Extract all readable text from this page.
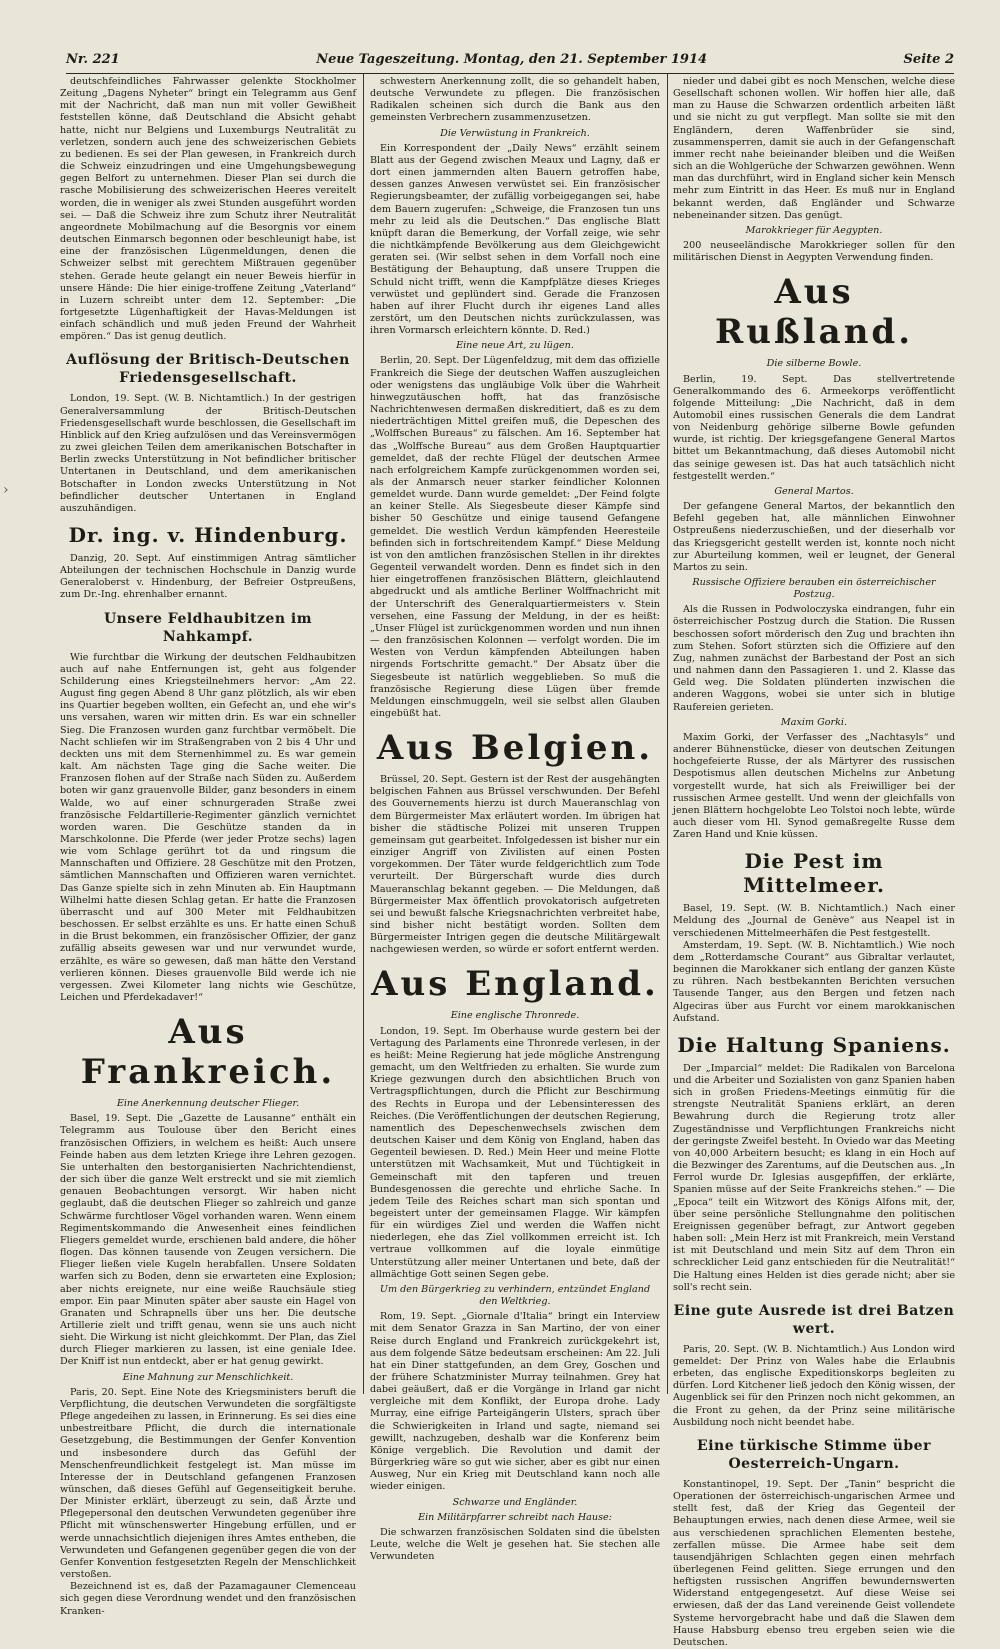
Nr. 221	Neue Tageszeitung. Montag, den 21. September 1914	Seite 2
›

deutschfeindliches Fahrwasser gelenkte Stockholmer Zeitung „Dagens Nyheter“ bringt ein Telegramm aus Genf mit der Nachricht, daß man nun mit voller Gewißheit feststellen könne, daß Deutschland die Absicht gehabt hatte, nicht nur Belgiens und Luxemburgs Neutralität zu verletzen, sondern auch jene des schweizerischen Gebiets zu bedienen. Es sei der Plan gewesen, in Frankreich durch die Schweiz einzudringen und eine Umgehungsbewegung gegen Belfort zu unternehmen. Dieser Plan sei durch die rasche Mobilisierung des schweizerischen Heeres vereitelt worden, die in weniger als zwei Stunden ausgeführt worden sei. — Daß die Schweiz ihre zum Schutz ihrer Neutralität angeordnete Mobilmachung auf die Besorgnis vor einem deutschen Einmarsch begonnen oder beschleunigt habe, ist eine der französischen Lügenmeldungen, denen die Schweizer selbst mit gerechtem Mißtrauen gegenüber stehen. Gerade heute gelangt ein neuer Beweis hierfür in unsere Hände: Die hier einige-troffene Zeitung „Vaterland“ in Luzern schreibt unter dem 12. September: „Die fortgesetzte Lügenhaftigkeit der Havas-Meldungen ist einfach schändlich und muß jeden Freund der Wahrheit empören.“ Das ist genug deutlich.

Auflösung der Britisch-Deutschen Friedensgesellschaft.

London, 19. Sept. (W. B. Nichtamtlich.) In der gestrigen Generalversammlung der Britisch-Deutschen Friedensgesellschaft wurde beschlossen, die Gesellschaft im Hinblick auf den Krieg aufzulösen und das Vereinsvermögen zu zwei gleichen Teilen dem amerikanischen Botschafter in Berlin zwecks Unterstützung in Not befindlicher britischer Untertanen in Deutschland, und dem amerikanischen Botschafter in London zwecks Unterstützung in Not befindlicher deutscher Untertanen in England auszuhändigen.

Dr. ing. v. Hindenburg.

Danzig, 20. Sept. Auf einstimmigen Antrag sämtlicher Abteilungen der technischen Hochschule in Danzig wurde Generaloberst v. Hindenburg, der Befreier Ostpreußens, zum Dr.-Ing. ehrenhalber ernannt.

Unsere Feldhaubitzen im Nahkampf.

Wie furchtbar die Wirkung der deutschen Feldhaubitzen auch auf nahe Entfernungen ist, geht aus folgender Schilderung eines Kriegsteilnehmers hervor: „Am 22. August fing gegen Abend 8 Uhr ganz plötzlich, als wir eben ins Quartier begeben wollten, ein Gefecht an, und ehe wir's uns versahen, waren wir mitten drin. Es war ein schneller Sieg. Die Franzosen wurden ganz furchtbar vermöbelt. Die Nacht schliefen wir im Straßengraben von 2 bis 4 Uhr und deckten uns mit dem Sternenhimmel zu. Es war gemein kalt. Am nächsten Tage ging die Sache weiter. Die Franzosen flohen auf der Straße nach Süden zu. Außerdem boten wir ganz grauenvolle Bilder, ganz besonders in einem Walde, wo auf einer schnurgeraden Straße zwei französische Feldartillerie-Regimenter gänzlich vernichtet worden waren. Die Geschütze standen da in Marschkolonne. Die Pferde (wer jeder Protze sechs) lagen wie vom Schlage gerührt tot da und ringsum die Mannschaften und Offiziere. 28 Geschütze mit den Protzen, sämtlichen Mannschaften und Offizieren waren vernichtet. Das Ganze spielte sich in zehn Minuten ab. Ein Hauptmann Wilhelmi hatte diesen Schlag getan. Er hatte die Franzosen überrascht und auf 300 Meter mit Feldhaubitzen beschossen. Er selbst erzählte es uns. Er hatte einen Schuß in die Brust bekommen, ein französischer Offizier, der ganz zufällig abseits gewesen war und nur verwundet wurde, erzählte, es wäre so gewesen, daß man hätte den Verstand verlieren können. Dieses grauenvolle Bild werde ich nie vergessen. Zwei Kilometer lang nichts wie Geschütze, Leichen und Pferdekadaver!“

Aus Frankreich.
Eine Anerkennung deutscher Flieger.

Basel, 19. Sept. Die „Gazette de Lausanne“ enthält ein Telegramm aus Toulouse über den Bericht eines französischen Offiziers, in welchem es heißt: Auch unsere Feinde haben aus dem letzten Kriege ihre Lehren gezogen. Sie unterhalten den bestorganisierten Nachrichtendienst, der sich über die ganze Welt erstreckt und sie mit ziemlich genauen Beobachtungen versorgt. Wir haben nicht geglaubt, daß die deutschen Flieger so zahlreich und ganze Schwärme furchtloser Vögel vorhanden waren. Wenn einem Regimentskommando die Anwesenheit eines feindlichen Fliegers gemeldet wurde, erschienen bald andere, die höher flogen. Das können tausende von Zeugen versichern. Die Flieger ließen viele Kugeln herabfallen. Unsere Soldaten warfen sich zu Boden, denn sie erwarteten eine Explosion; aber nichts ereignete, nur eine weiße Rauchsäule stieg empor. Ein paar Minuten später aber sauste ein Hagel von Granaten und Schrapnells über uns her. Die deutsche Artillerie zielt und trifft genau, wenn sie uns auch nicht sieht. Die Wirkung ist nicht gleichkommt. Der Plan, das Ziel durch Flieger markieren zu lassen, ist eine geniale Idee. Der Kniff ist nun entdeckt, aber er hat genug gewirkt.

Eine Mahnung zur Menschlichkeit.

Paris, 20. Sept. Eine Note des Kriegsministers beruft die Verpflichtung, die deutschen Verwundeten die sorgfältigste Pflege angedeihen zu lassen, in Erinnerung. Es sei dies eine unbestreitbare Pflicht, die durch die internationale Gesetzgebung, die Bestimmungen der Genfer Konvention und insbesondere durch das Gefühl der Menschenfreundlichkeit festgelegt ist. Man müsse im Interesse der in Deutschland gefangenen Franzosen wünschen, daß dieses Gefühl auf Gegenseitigkeit beruhe. Der Minister erklärt, überzeugt zu sein, daß Ärzte und Pflegepersonal den deutschen Verwundeten gegenüber ihre Pflicht mit wünschenswerter Hingebung erfüllen, und er werde unnachsichtlich diejenigen ihres Amtes entheben, die Verwundeten und Gefangenen gegenüber gegen die von der Genfer Konvention festgesetzten Regeln der Menschlichkeit verstoßen.

Bezeichnend ist es, daß der Pazamagauner Clemenceau sich gegen diese Verordnung wendet und den französischen Kranken-

schwestern Anerkennung zollt, die so gehandelt haben, deutsche Verwundete zu pflegen. Die französischen Radikalen scheinen sich durch die Bank aus den gemeinsten Verbrechern zusammenzusetzen.

Die Verwüstung in Frankreich.

Ein Korrespondent der „Daily News“ erzählt seinem Blatt aus der Gegend zwischen Meaux und Lagny, daß er dort einen jammernden alten Bauern getroffen habe, dessen ganzes Anwesen verwüstet sei. Ein französischer Regierungsbeamter, der zufällig vorbeigegangen sei, habe dem Bauern zugerufen: „Schweige, die Franzosen tun uns mehr zu leid als die Deutschen.“ Das englische Blatt knüpft daran die Bemerkung, der Vorfall zeige, wie sehr die nichtkämpfende Bevölkerung aus dem Gleichgewicht geraten sei. (Wir selbst sehen in dem Vorfall noch eine Bestätigung der Behauptung, daß unsere Truppen die Schuld nicht trifft, wenn die Kampfplätze dieses Krieges verwüstet und geplündert sind. Gerade die Franzosen haben auf ihrer Flucht durch ihr eigenes Land alles zerstört, um den Deutschen nichts zurückzulassen, was ihren Vormarsch erleichtern könnte. D. Red.)

Eine neue Art, zu lügen.

Berlin, 20. Sept. Der Lügenfeldzug, mit dem das offizielle Frankreich die Siege der deutschen Waffen auszugleichen oder wenigstens das ungläubige Volk über die Wahrheit hinwegzutäuschen hofft, hat das französische Nachrichtenwesen dermaßen diskreditiert, daß es zu dem niederträchtigen Mittel greifen muß, die Depeschen des „Wolffschen Bureaus“ zu fälschen. Am 16. September hat das „Wolffsche Bureau“ aus dem Großen Hauptquartier gemeldet, daß der rechte Flügel der deutschen Armee nach erfolgreichem Kampfe zurückgenommen worden sei, als der Anmarsch neuer starker feindlicher Kolonnen gemeldet wurde. Dann wurde gemeldet: „Der Feind folgte an keiner Stelle. Als Siegesbeute dieser Kämpfe sind bisher 50 Geschütze und einige tausend Gefangene gemeldet. Die westlich Verdun kämpfenden Heeresteile befinden sich in fortschreitendem Kampf.“ Diese Meldung ist von den amtlichen französischen Stellen in ihr direktes Gegenteil verwandelt worden. Denn es findet sich in den hier eingetroffenen französischen Blättern, gleichlautend abgedruckt und als amtliche Berliner Wolffnachricht mit der Unterschrift des Generalquartiermeisters v. Stein versehen, eine Fassung der Meldung, in der es heißt: „Unser Flügel ist zurückgenommen worden und nun ihnen — den französischen Kolonnen — verfolgt worden. Die im Westen von Verdun kämpfenden Abteilungen haben nirgends Fortschritte gemacht.“ Der Absatz über die Siegesbeute ist natürlich weggeblieben. So muß die französische Regierung diese Lügen über fremde Meldungen einschmuggeln, weil sie selbst allen Glauben eingebüßt hat.

Aus Belgien.

Brüssel, 20. Sept. Gestern ist der Rest der ausgehängten belgischen Fahnen aus Brüssel verschwunden. Der Befehl des Gouvernements hierzu ist durch Maueranschlag von dem Bürgermeister Max erläutert worden. Im übrigen hat bisher die städtische Polizei mit unseren Truppen gemeinsam gut gearbeitet. Infolgedessen ist bisher nur ein einziger Angriff von Zivilisten auf einen Posten vorgekommen. Der Täter wurde feldgerichtlich zum Tode verurteilt. Der Bürgerschaft wurde dies durch Maueranschlag bekannt gegeben. — Die Meldungen, daß Bürgermeister Max öffentlich provokatorisch aufgetreten sei und bewußt falsche Kriegsnachrichten verbreitet habe, sind bisher nicht bestätigt worden. Sollten dem Bürgermeister Intrigen gegen die deutsche Militärgewalt nachgewiesen werden, so würde er sofort entfernt werden.

Aus England.
Eine englische Thronrede.

London, 19. Sept. Im Oberhause wurde gestern bei der Vertagung des Parlaments eine Thronrede verlesen, in der es heißt: Meine Regierung hat jede mögliche Anstrengung gemacht, um den Weltfrieden zu erhalten. Sie wurde zum Kriege gezwungen durch den absichtlichen Bruch von Vertragspflichtungen, durch die Pflicht zur Beschirmung des Rechts in Europa und der Lebensinteressen des Reiches. (Die Veröffentlichungen der deutschen Regierung, namentlich des Depeschenwechsels zwischen dem deutschen Kaiser und dem König von England, haben das Gegenteil bewiesen. D. Red.) Mein Heer und meine Flotte unterstützen mit Wachsamkeit, Mut und Tüchtigkeit in Gemeinschaft mit den tapferen und treuen Bundesgenossen die gerechte und ehrliche Sache. In jedem Teile des Reiches schart man sich spontan und begeistert unter der gemeinsamen Flagge. Wir kämpfen für ein würdiges Ziel und werden die Waffen nicht niederlegen, ehe das Ziel vollkommen erreicht ist. Ich vertraue vollkommen auf die loyale einmütige Unterstützung aller meiner Untertanen und bete, daß der allmächtige Gott seinen Segen gebe.

Um den Bürgerkrieg zu verhindern, entzündet England den Weltkrieg.

Rom, 19. Sept. „Giornale d'Italia“ bringt ein Interview mit dem Senator Grazza in San Martino, der von einer Reise durch England und Frankreich zurückgekehrt ist, aus dem folgende Sätze bedeutsam erscheinen: Am 22. Juli hat ein Diner stattgefunden, an dem Grey, Goschen und der frühere Schatzminister Murray teilnahmen. Grey hat dabei geäußert, daß er die Vorgänge in Irland gar nicht vergleiche mit dem Konflikt, der Europa drohe. Lady Murray, eine eifrige Parteigängerin Ulsters, sprach über die Schwierigkeiten in Irland und sagte, niemand sei gewillt, nachzugeben, deshalb war die Konferenz beim Könige vergeblich. Die Revolution und damit der Bürgerkrieg wäre so gut wie sicher, aber es gibt nur einen Ausweg, Nur ein Krieg mit Deutschland kann noch alle wieder einigen.

Schwarze und Engländer.
Ein Militärpfarrer schreibt nach Hause:

Die schwarzen französischen Soldaten sind die übelsten Leute, welche die Welt je gesehen hat. Sie stechen alle Verwundeten

nieder und dabei gibt es noch Menschen, welche diese Gesellschaft schonen wollen. Wir hoffen hier alle, daß man zu Hause die Schwarzen ordentlich arbeiten läßt und sie nicht zu gut verpflegt. Man sollte sie mit den Engländern, deren Waffenbrüder sie sind, zusammensperren, damit sie auch in der Gefangenschaft immer recht nahe beieinander bleiben und die Weißen sich an die Wohlgerüche der Schwarzen gewöhnen. Wenn man das durchführt, wird in England sicher kein Mensch mehr zum Eintritt in das Heer. Es muß nur in England bekannt werden, daß Engländer und Schwarze nebeneinander sitzen. Das genügt.

Marokkrieger für Aegypten.

200 neuseeländische Marokkrieger sollen für den militärischen Dienst in Aegypten Verwendung finden.

Aus Rußland.
Die silberne Bowle.

Berlin, 19. Sept. Das stellvertretende Generalkommando des 6. Armeekorps veröffentlicht folgende Mitteilung: „Die Nachricht, daß in dem Automobil eines russischen Generals die dem Landrat von Neidenburg gehörige silberne Bowle gefunden wurde, ist richtig. Der kriegsgefangene General Martos bittet um Bekanntmachung, daß dieses Automobil nicht das seinige gewesen ist. Das hat auch tatsächlich nicht festgestellt werden.“

General Martos.

Der gefangene General Martos, der bekanntlich den Befehl gegeben hat, alle männlichen Einwohner Ostpreußens niederzuschießen, und der dieserhalb vor das Kriegsgericht gestellt werden ist, konnte noch nicht zur Aburteilung kommen, weil er leugnet, der General Martos zu sein.

Russische Offiziere berauben ein österreichischer Postzug.

Als die Russen in Podwoloczyska eindrangen, fuhr ein österreichischer Postzug durch die Station. Die Russen beschossen sofort mörderisch den Zug und brachten ihn zum Stehen. Sofort stürzten sich die Offiziere auf den Zug, nahmen zunächst der Barbestand der Post an sich und nahmen dann den Passagieren 1. und 2. Klasse das Geld weg. Die Soldaten plünderten inzwischen die anderen Waggons, wobei sie unter sich in blutige Raufereien gerieten.

Maxim Gorki.

Maxim Gorki, der Verfasser des „Nachtasyls“ und anderer Bühnenstücke, dieser von deutschen Zeitungen hochgefeierte Russe, der als Märtyrer des russischen Despotismus allen deutschen Michelns zur Anbetung vorgestellt wurde, hat sich als Freiwilliger bei der russischen Armee gestellt. Und wenn der gleichfalls von jenen Blättern hochgelobte Leo Tolstoi noch lebte, würde auch dieser vom Hl. Synod gemaßregelte Russe dem Zaren Hand und Knie küssen.

Die Pest im Mittelmeer.

Basel, 19. Sept. (W. B. Nichtamtlich.) Nach einer Meldung des „Journal de Genève“ aus Neapel ist in verschiedenen Mittelmeerhäfen die Pest festgestellt.

Amsterdam, 19. Sept. (W. B. Nichtamtlich.) Wie noch dem „Rotterdamsche Courant“ aus Gibraltar verlautet, beginnen die Marokkaner sich entlang der ganzen Küste zu rühren. Nach bestbekannten Berichten versuchen Tausende Tanger, aus den Bergen und fetzen nach Algeciras über aus Furcht vor einem marokkanischen Aufstand.

Die Haltung Spaniens.

Der „Imparcial“ meldet: Die Radikalen von Barcelona und die Arbeiter und Sozialisten von ganz Spanien haben sich in großen Friedens-Meetings einmütig für die strengste Neutralität Spaniens erklärt, an deren Bewahrung durch die Regierung trotz aller Zugeständnisse und Verpflichtungen Frankreichs nicht der geringste Zweifel besteht. In Oviedo war das Meeting von 40,000 Arbeitern besucht; es klang in ein Hoch auf die Bezwinger des Zarentums, auf die Deutschen aus. „In Ferrol wurde Dr. Iglesias ausgepfiffen, der erklärte, Spanien müsse auf der Seite Frankreichs stehen.“ — Die „Epoca“ teilt ein Witzwort des Königs Alfons mit, der, über seine persönliche Stellungnahme den politischen Ereignissen gegenüber befragt, zur Antwort gegeben haben soll: „Mein Herz ist mit Frankreich, mein Verstand ist mit Deutschland und mein Sitz auf dem Thron ein schrecklicher Leid ganz entschieden für die Neutralität!“ Die Haltung eines Helden ist dies gerade nicht; aber sie soll's recht sein.

Eine gute Ausrede ist drei Batzen wert.

Paris, 20. Sept. (W. B. Nichtamtlich.) Aus London wird gemeldet: Der Prinz von Wales habe die Erlaubnis erbeten, das englische Expeditionskorps begleiten zu dürfen. Lord Kitchener ließ jedoch den König wissen, der Augenblick sei für den Prinzen noch nicht gekommen, an die Front zu gehen, da der Prinz seine militärische Ausbildung noch nicht beendet habe.

Eine türkische Stimme über Oesterreich-Ungarn.

Konstantinopel, 19. Sept. Der „Tanin“ bespricht die Operationen der österreichisch-ungarischen Armee und stellt fest, daß der Krieg das Gegenteil der Behauptungen erwies, nach denen diese Armee, weil sie aus verschiedenen sprachlichen Elementen bestehe, zerfallen müsse. Die Armee habe seit dem tausendjährigen Schlachten gegen einen mehrfach überlegenen Feind gelitten. Siege errungen und den heftigsten russischen Angriffen bewundernswerten Widerstand entgegengesetzt. Auf diese Weise sei erwiesen, daß der das Land vereinende Geist vollendete Systeme hervorgebracht habe und daß die Slawen dem Hause Habsburg ebenso treu ergeben seien wie die Deutschen.
